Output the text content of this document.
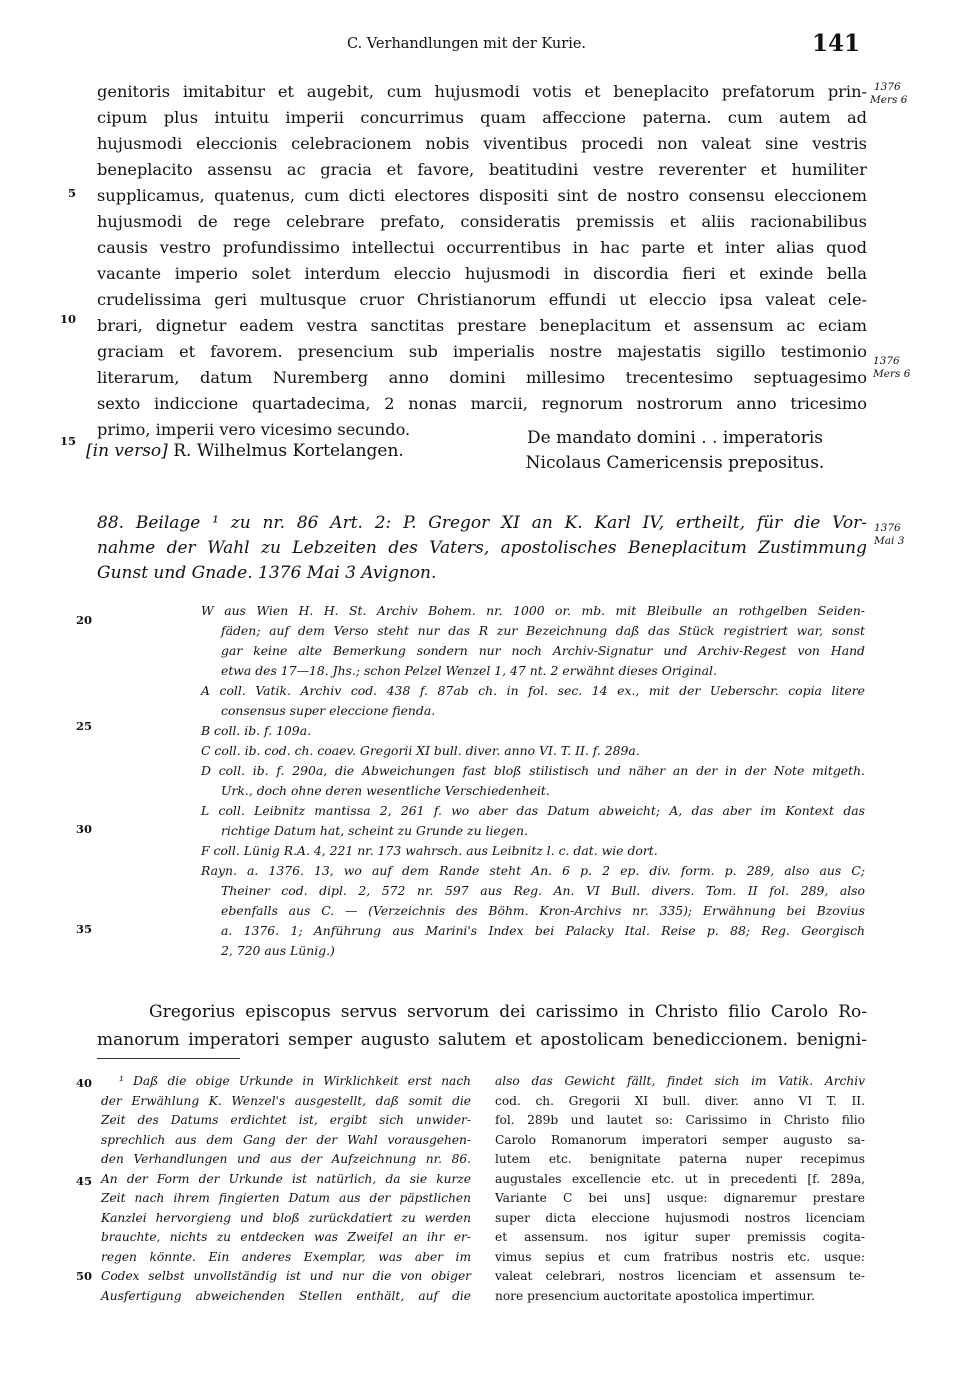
C. Verhandlungen mit der Kurie.	141
genitoris imitabitur et augebit, cum hujusmodi votis et beneplacito prefatorum prin-
cipum plus intuitu imperii concurrimus quam affeccione paterna. cum autem ad
hujusmodi eleccionis celebracionem nobis viventibus procedi non valeat sine vestris
beneplacito assensu ac gracia et favore, beatitudini vestre reverenter et humiliter
supplicamus, quatenus, cum dicti electores dispositi sint de nostro consensu eleccionem
hujusmodi de rege celebrare prefato, consideratis premissis et aliis racionabilibus
causis vestro profundissimo intellectui occurrentibus in hac parte et inter alias quod
vacante imperio solet interdum eleccio hujusmodi in discordia fieri et exinde bella
crudelissima geri multusque cruor Christianorum effundi ut eleccio ipsa valeat cele-
brari, dignetur eadem vestra sanctitas prestare beneplacitum et assensum ac eciam
graciam et favorem. presencium sub imperialis nostre majestatis sigillo testimonio
literarum, datum Nuremberg anno domini millesimo trecentesimo septuagesimo
sexto indiccione quartadecima, 2 nonas marcii, regnorum nostrorum anno tricesimo
primo, imperii vero vicesimo secundo.
5
10
15
20
25
30
35
40
45
50
1376
Mers 6
1376
Mers 6
1376
Mai 3
[in verso] R. Wilhelmus Kortelangen.
De mandato domini . . imperatoris
Nicolaus Camericensis prepositus.
88. Beilage ¹ zu nr. 86 Art. 2: P. Gregor XI an K. Karl IV, ertheilt, für die Vor-
nahme der Wahl zu Lebzeiten des Vaters, apostolisches Beneplacitum Zustimmung
Gunst und Gnade. 1376 Mai 3 Avignon.
W aus Wien H. H. St. Archiv Bohem. nr. 1000 or. mb. mit Bleibulle an rothgelben Seiden-
fäden; auf dem Verso steht nur das R zur Bezeichnung daß das Stück registriert war, sonst
gar keine alte Bemerkung sondern nur noch Archiv-Signatur und Archiv-Regest von Hand
etwa des 17—18. Jhs.; schon Pelzel Wenzel 1, 47 nt. 2 erwähnt dieses Original.
A coll. Vatik. Archiv cod. 438 f. 87ab ch. in fol. sec. 14 ex., mit der Ueberschr. copia litere
consensus super eleccione fienda.
B coll. ib. f. 109a.
C coll. ib. cod. ch. coaev. Gregorii XI bull. diver. anno VI. T. II. f. 289a.
D coll. ib. f. 290a, die Abweichungen fast bloß stilistisch und näher an der in der Note mitgeth.
Urk., doch ohne deren wesentliche Verschiedenheit.
L coll. Leibnitz mantissa 2, 261 f. wo aber das Datum abweicht; A, das aber im Kontext das
richtige Datum hat, scheint zu Grunde zu liegen.
F coll. Lünig R.A. 4, 221 nr. 173 wahrsch. aus Leibnitz l. c. dat. wie dort.
Rayn. a. 1376. 13, wo auf dem Rande steht An. 6 p. 2 ep. div. form. p. 289, also aus C;
Theiner cod. dipl. 2, 572 nr. 597 aus Reg. An. VI Bull. divers. Tom. II fol. 289, also
ebenfalls aus C. — (Verzeichnis des Böhm. Kron-Archivs nr. 335); Erwähnung bei Bzovius
a. 1376. 1; Anführung aus Marini's Index bei Palacky Ital. Reise p. 88; Reg. Georgisch
2, 720 aus Lünig.)
Gregorius episcopus servus servorum dei carissimo in Christo filio Carolo Ro-
manorum imperatori semper augusto salutem et apostolicam benediccionem. benigni-
¹ Daß die obige Urkunde in Wirklichkeit erst nach
der Erwählung K. Wenzel's ausgestellt, daß somit die
Zeit des Datums erdichtet ist, ergibt sich unwider-
sprechlich aus dem Gang der der Wahl vorausgehen-
den Verhandlungen und aus der Aufzeichnung nr. 86.
An der Form der Urkunde ist natürlich, da sie kurze
Zeit nach ihrem fingierten Datum aus der päpstlichen
Kanzlei hervorgieng und bloß zurückdatiert zu werden
brauchte, nichts zu entdecken was Zweifel an ihr er-
regen könnte. Ein anderes Exemplar, was aber im
Codex selbst unvollständig ist und nur die von obiger
Ausfertigung abweichenden Stellen enthält, auf die
also das Gewicht fällt, findet sich im Vatik. Archiv
cod. ch. Gregorii XI bull. diver. anno VI T. II.
fol. 289b und lautet so: Carissimo in Christo filio
Carolo Romanorum imperatori semper augusto sa-
lutem etc. benignitate paterna nuper recepimus
augustales excellencie etc. ut in precedenti [f. 289a,
Variante C bei uns] usque: dignaremur prestare
super dicta eleccione hujusmodi nostros licenciam
et assensum. nos igitur super premissis cogita-
vimus sepius et cum fratribus nostris etc. usque:
valeat celebrari, nostros licenciam et assensum te-
nore presencium auctoritate apostolica impertimur.
